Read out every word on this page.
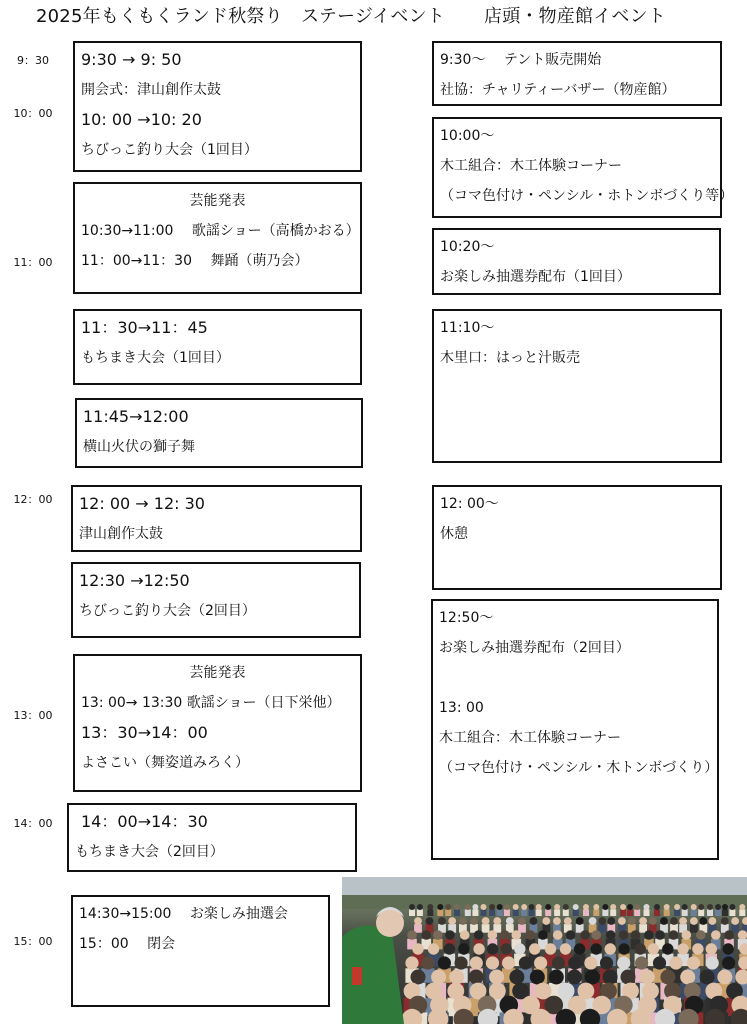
2025年もくもくランド秋祭り　ステージイベント 店頭・物産館イベント
9：30
10：00
11：00
12：00
13：00
14：00
15：00
9:30 → 9: 50
開会式：津山創作太鼓
10: 00 →10: 20
ちびっこ釣り大会（1回目）
芸能発表
10:30→11:00　 歌謡ショー（高橋かおる）
11：00→11：30　 舞踊（萌乃会）
11：30→11：45
もちまき大会（1回目）
11:45→12:00
横山火伏の獅子舞
12: 00 → 12: 30
津山創作太鼓
12:30 →12:50
ちびっこ釣り大会（2回目）
芸能発表
13: 00→ 13:30 歌謡ショー（日下栄他）
13：30→14：00
よさこい（舞姿道みろく）
14：00→14：30
もちまき大会（2回目）
14:30→15:00　 お楽しみ抽選会
15：00　 閉会
9:30～　 テント販売開始
社協：チャリティーバザー（物産館）
10:00～
木工組合：木工体験コーナー
（コマ色付け・ペンシル・ホトンボづくり等）
10:20～
お楽しみ抽選券配布（1回目）
11:10～
木里口：はっと汁販売
12: 00～
休憩
12:50～
お楽しみ抽選券配布（2回目）
13: 00
木工組合：木工体験コーナー
（コマ色付け・ペンシル・木トンボづくり）
